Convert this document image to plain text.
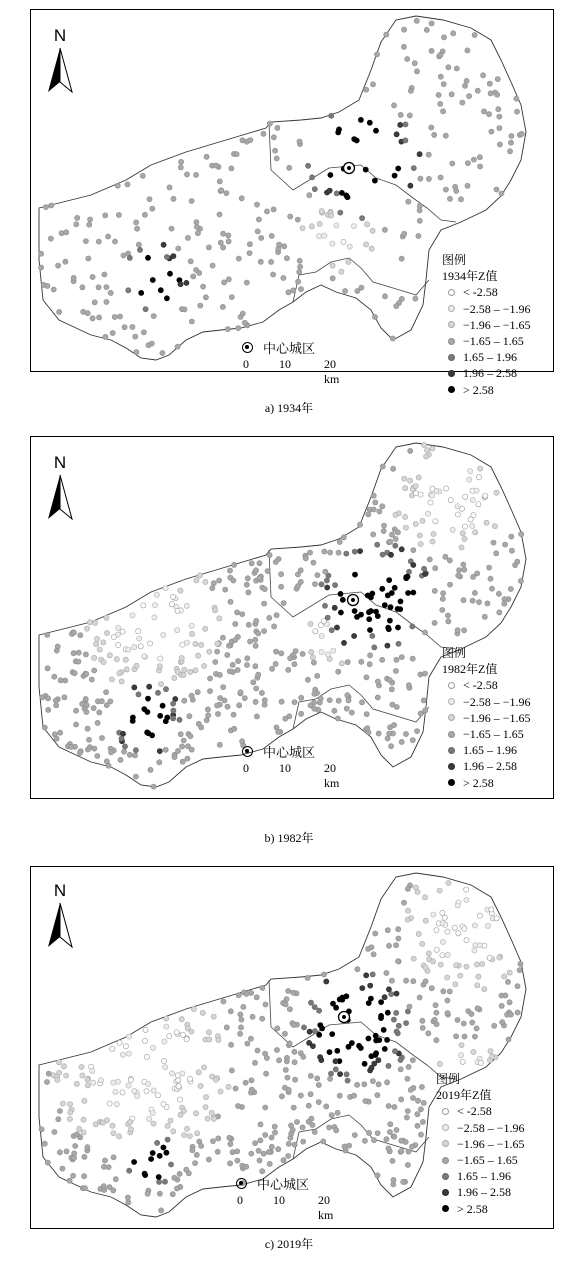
N
中心城区
0	10	20 km
图例
1934年Z值
< -2.58
−2.58 – −1.96
−1.96 – −1.65
−1.65 – 1.65
1.65 – 1.96
1.96 – 2.58
> 2.58
a) 1934年
N
中心城区
0	10	20 km
图例
1982年Z值
< -2.58
−2.58 – −1.96
−1.96 – −1.65
−1.65 – 1.65
1.65 – 1.96
1.96 – 2.58
> 2.58
b) 1982年
N
中心城区
0	10	20 km
图例
2019年Z值
< -2.58
−2.58 – −1.96
−1.96 – −1.65
−1.65 – 1.65
1.65 – 1.96
1.96 – 2.58
> 2.58
c) 2019年
